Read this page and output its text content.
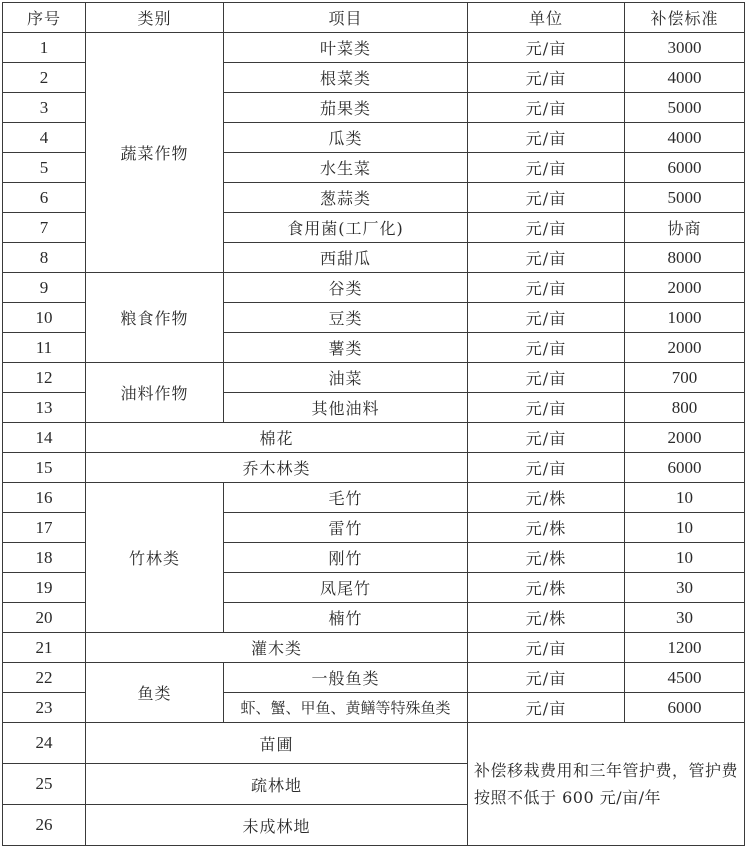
序号	类别	项目	单位	补偿标准
1	蔬菜作物	叶菜类	元/亩	3000
2		根菜类	元/亩	4000
3		茄果类	元/亩	5000
4		瓜类	元/亩	4000
5		水生菜	元/亩	6000
6		葱蒜类	元/亩	5000
7		食用菌(工厂化)	元/亩	协商
8		西甜瓜	元/亩	8000
9	粮食作物	谷类	元/亩	2000
10		豆类	元/亩	1000
11		薯类	元/亩	2000
12	油料作物	油菜	元/亩	700
13		其他油料	元/亩	800
14	棉花		元/亩	2000
15	乔木林类		元/亩	6000
16	竹林类	毛竹	元/株	10
17		雷竹	元/株	10
18		刚竹	元/株	10
19		凤尾竹	元/株	30
20		楠竹	元/株	30
21	灌木类		元/亩	1200
22	鱼类	一般鱼类	元/亩	4500
23		虾、蟹、甲鱼、黄鳝等特殊鱼类	元/亩	6000
24	苗圃		补偿移栽费用和三年管护费，管护费按照不低于 600 元/亩/年	
25	疏林地			
26	未成林地			
